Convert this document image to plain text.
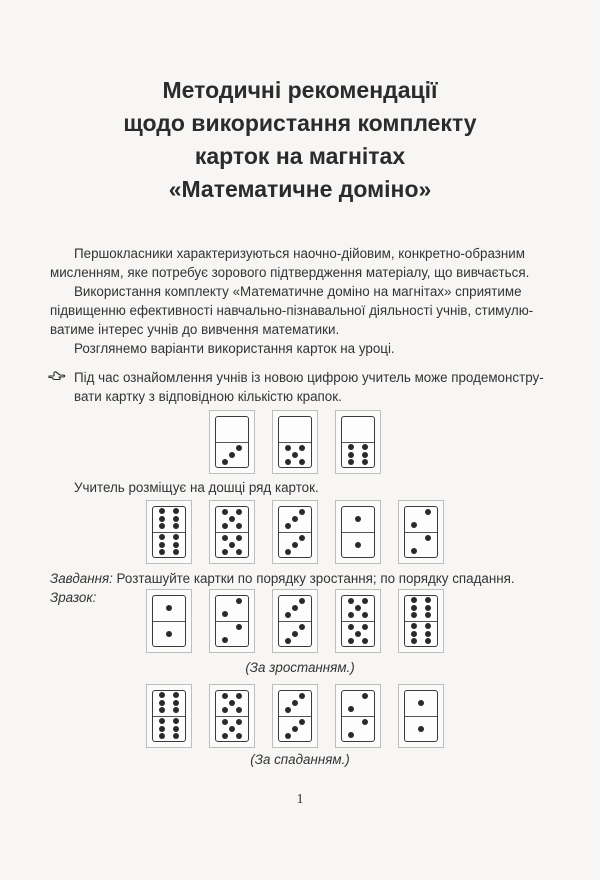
Методичні рекомендації
щодо використання комплекту
карток на магнітах
«Математичне доміно»
Першокласники характеризуються наочно-дійовим, конкретно-образним
мисленням, яке потребує зорового підтвердження матеріалу, що вивчається.
Використання комплекту «Математичне доміно на магнітах» сприятиме
підвищенню ефективності навчально-пізнавальної діяльності учнів, стимулю-
ватиме інтерес учнів до вивчення математики.
Розглянемо варіанти використання карток на уроці.
Під час ознайомлення учнів із новою цифрою учитель може продемонстру-
вати картку з відповідною кількістю крапок.
Учитель розміщує на дошці ряд карток.
Завдання: Розташуйте картки по порядку зростання; по порядку спадання.
Зразок:
(За зростанням.)
(За спаданням.)
1
